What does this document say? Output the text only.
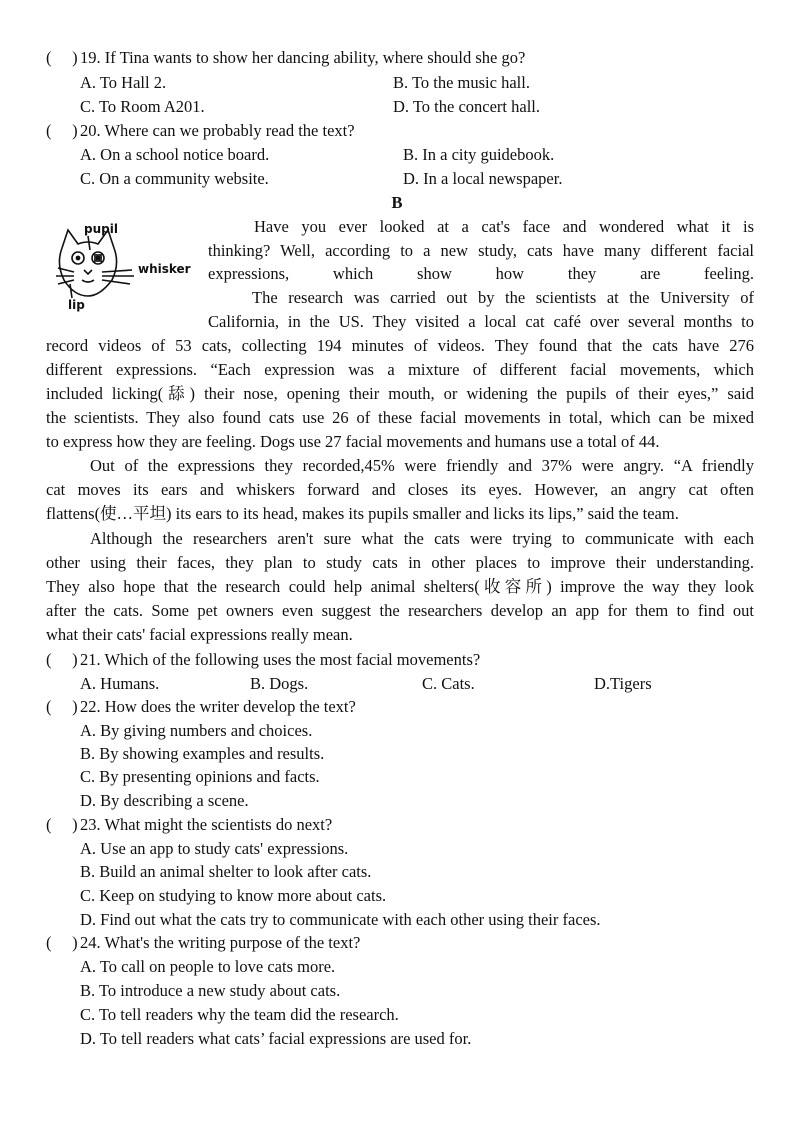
(     ) 19. If Tina wants to show her dancing ability, where should she go?
A. To Hall 2.	B. To the music hall.
C. To Room A201.	D. To the concert hall.
(     ) 20. Where can we probably read the text?
A. On a school notice board.	B. In a city guidebook.
C. On a community website.	D. In a local newspaper.
B
pupil
whisker
lip
Have you ever looked at a cat's face and wondered what it is
thinking? Well, according to a new study, cats have many different facial
expressions, which show how they are feeling.
The research was carried out by the scientists at the University of
California, in the US. They visited a local cat café over several months to
record videos of 53 cats, collecting 194 minutes of videos. They found that the cats have 276
different expressions. “Each expression was a mixture of different facial movements, which
included licking(舔) their nose, opening their mouth, or widening the pupils of their eyes,” said
the scientists. They also found cats use 26 of these facial movements in total, which can be mixed
to express how they are feeling. Dogs use 27 facial movements and humans use a total of 44.
Out of the expressions they recorded,45% were friendly and 37% were angry. “A friendly
cat moves its ears and whiskers forward and closes its eyes. However, an angry cat often
flattens(使…平坦) its ears to its head, makes its pupils smaller and licks its lips,” said the team.
Although the researchers aren't sure what the cats were trying to communicate with each
other using their faces, they plan to study cats in other places to improve their understanding.
They also hope that the research could help animal shelters(收容所) improve the way they look
after the cats. Some pet owners even suggest the researchers develop an app for them to find out
what their cats' facial expressions really mean.
(     ) 21. Which of the following uses the most facial movements?
A. Humans.	B. Dogs.	C. Cats.	D.Tigers
(     ) 22. How does the writer develop the text?
A. By giving numbers and choices.
B. By showing examples and results.
C. By presenting opinions and facts.
D. By describing a scene.
(     ) 23. What might the scientists do next?
A. Use an app to study cats' expressions.
B. Build an animal shelter to look after cats.
C. Keep on studying to know more about cats.
D. Find out what the cats try to communicate with each other using their faces.
(     ) 24. What's the writing purpose of the text?
A. To call on people to love cats more.
B. To introduce a new study about cats.
C. To tell readers why the team did the research.
D. To tell readers what cats’ facial expressions are used for.
